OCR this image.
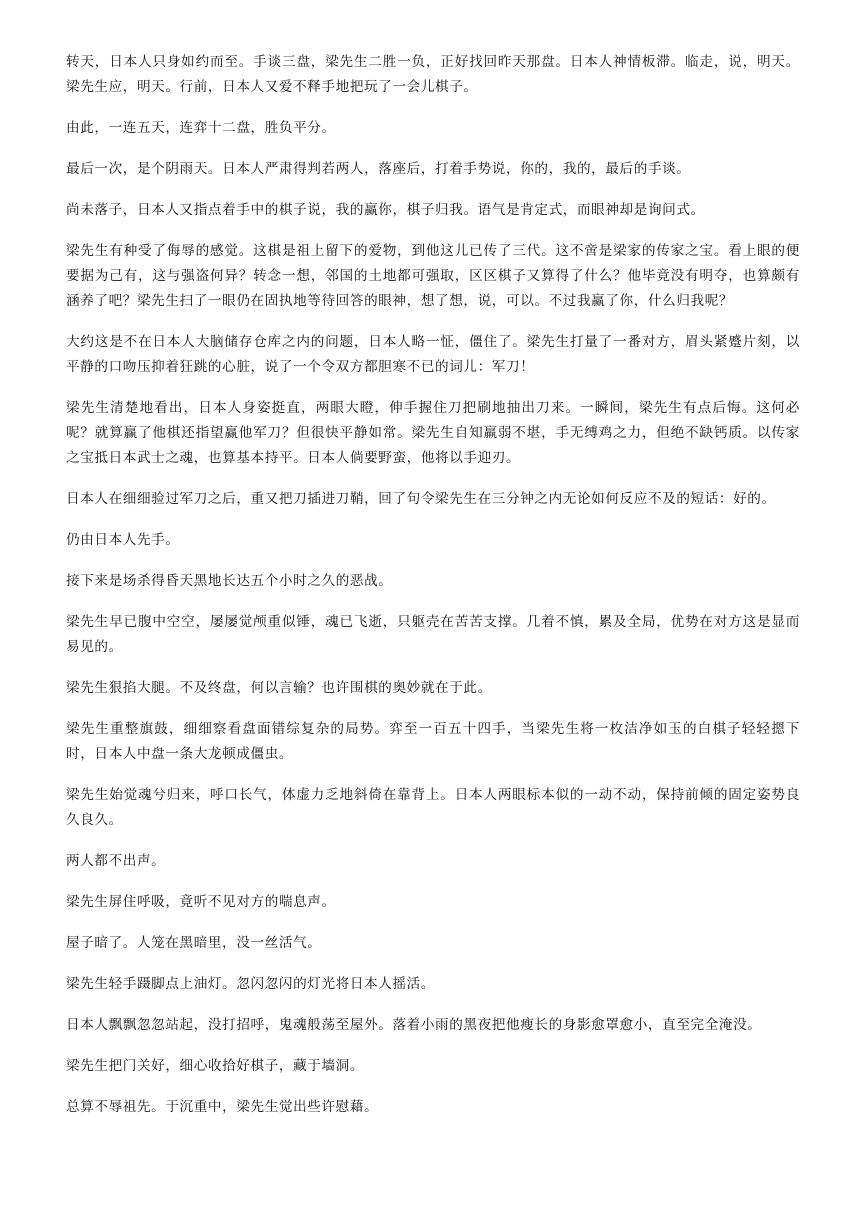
转天，日本人只身如约而至。手谈三盘，梁先生二胜一负，正好找回昨天那盘。日本人神情板滞。临走，说，明天。梁先生应，明天。行前，日本人又爱不释手地把玩了一会儿棋子。

由此，一连五天，连弈十二盘，胜负平分。

最后一次，是个阴雨天。日本人严肃得判若两人，落座后，打着手势说，你的，我的，最后的手谈。

尚未落子，日本人又指点着手中的棋子说，我的赢你，棋子归我。语气是肯定式，而眼神却是询问式。

梁先生有种受了侮辱的感觉。这棋是祖上留下的爱物，到他这儿已传了三代。这不啻是梁家的传家之宝。看上眼的便要据为己有，这与强盗何异？转念一想，邻国的土地都可强取，区区棋子又算得了什么？他毕竟没有明夺，也算颇有涵养了吧？梁先生扫了一眼仍在固执地等待回答的眼神，想了想，说，可以。不过我赢了你，什么归我呢？

大约这是不在日本人大脑储存仓库之内的问题，日本人略一怔，僵住了。梁先生打量了一番对方，眉头紧蹙片刻，以平静的口吻压抑着狂跳的心脏，说了一个令双方都胆寒不已的词儿：军刀！

梁先生清楚地看出，日本人身姿挺直，两眼大瞪，伸手握住刀把刷地抽出刀来。一瞬间，梁先生有点后悔。这何必呢？就算赢了他棋还指望赢他军刀？但很快平静如常。梁先生自知羸弱不堪，手无缚鸡之力，但绝不缺钙质。以传家之宝抵日本武士之魂，也算基本持平。日本人倘要野蛮，他将以手迎刃。

日本人在细细验过军刀之后，重又把刀插进刀鞘，回了句令梁先生在三分钟之内无论如何反应不及的短话：好的。

仍由日本人先手。

接下来是场杀得昏天黑地长达五个小时之久的恶战。

梁先生早已腹中空空，屡屡觉颅重似锤，魂已飞逝，只躯壳在苦苦支撑。几着不慎，累及全局，优势在对方这是显而易见的。

梁先生狠掐大腿。不及终盘，何以言输？也许围棋的奥妙就在于此。

梁先生重整旗鼓，细细察看盘面错综复杂的局势。弈至一百五十四手，当梁先生将一枚洁净如玉的白棋子轻轻摁下时，日本人中盘一条大龙顿成僵虫。

梁先生始觉魂兮归来，呼口长气，体虚力乏地斜倚在靠背上。日本人两眼标本似的一动不动，保持前倾的固定姿势良久良久。

两人都不出声。

梁先生屏住呼吸，竟听不见对方的喘息声。

屋子暗了。人笼在黑暗里，没一丝活气。

梁先生轻手蹑脚点上油灯。忽闪忽闪的灯光将日本人摇活。

日本人飘飘忽忽站起，没打招呼，鬼魂般荡至屋外。落着小雨的黑夜把他瘦长的身影愈罩愈小，直至完全淹没。

梁先生把门关好，细心收拾好棋子，藏于墙洞。

总算不辱祖先。于沉重中，梁先生觉出些许慰藉。
